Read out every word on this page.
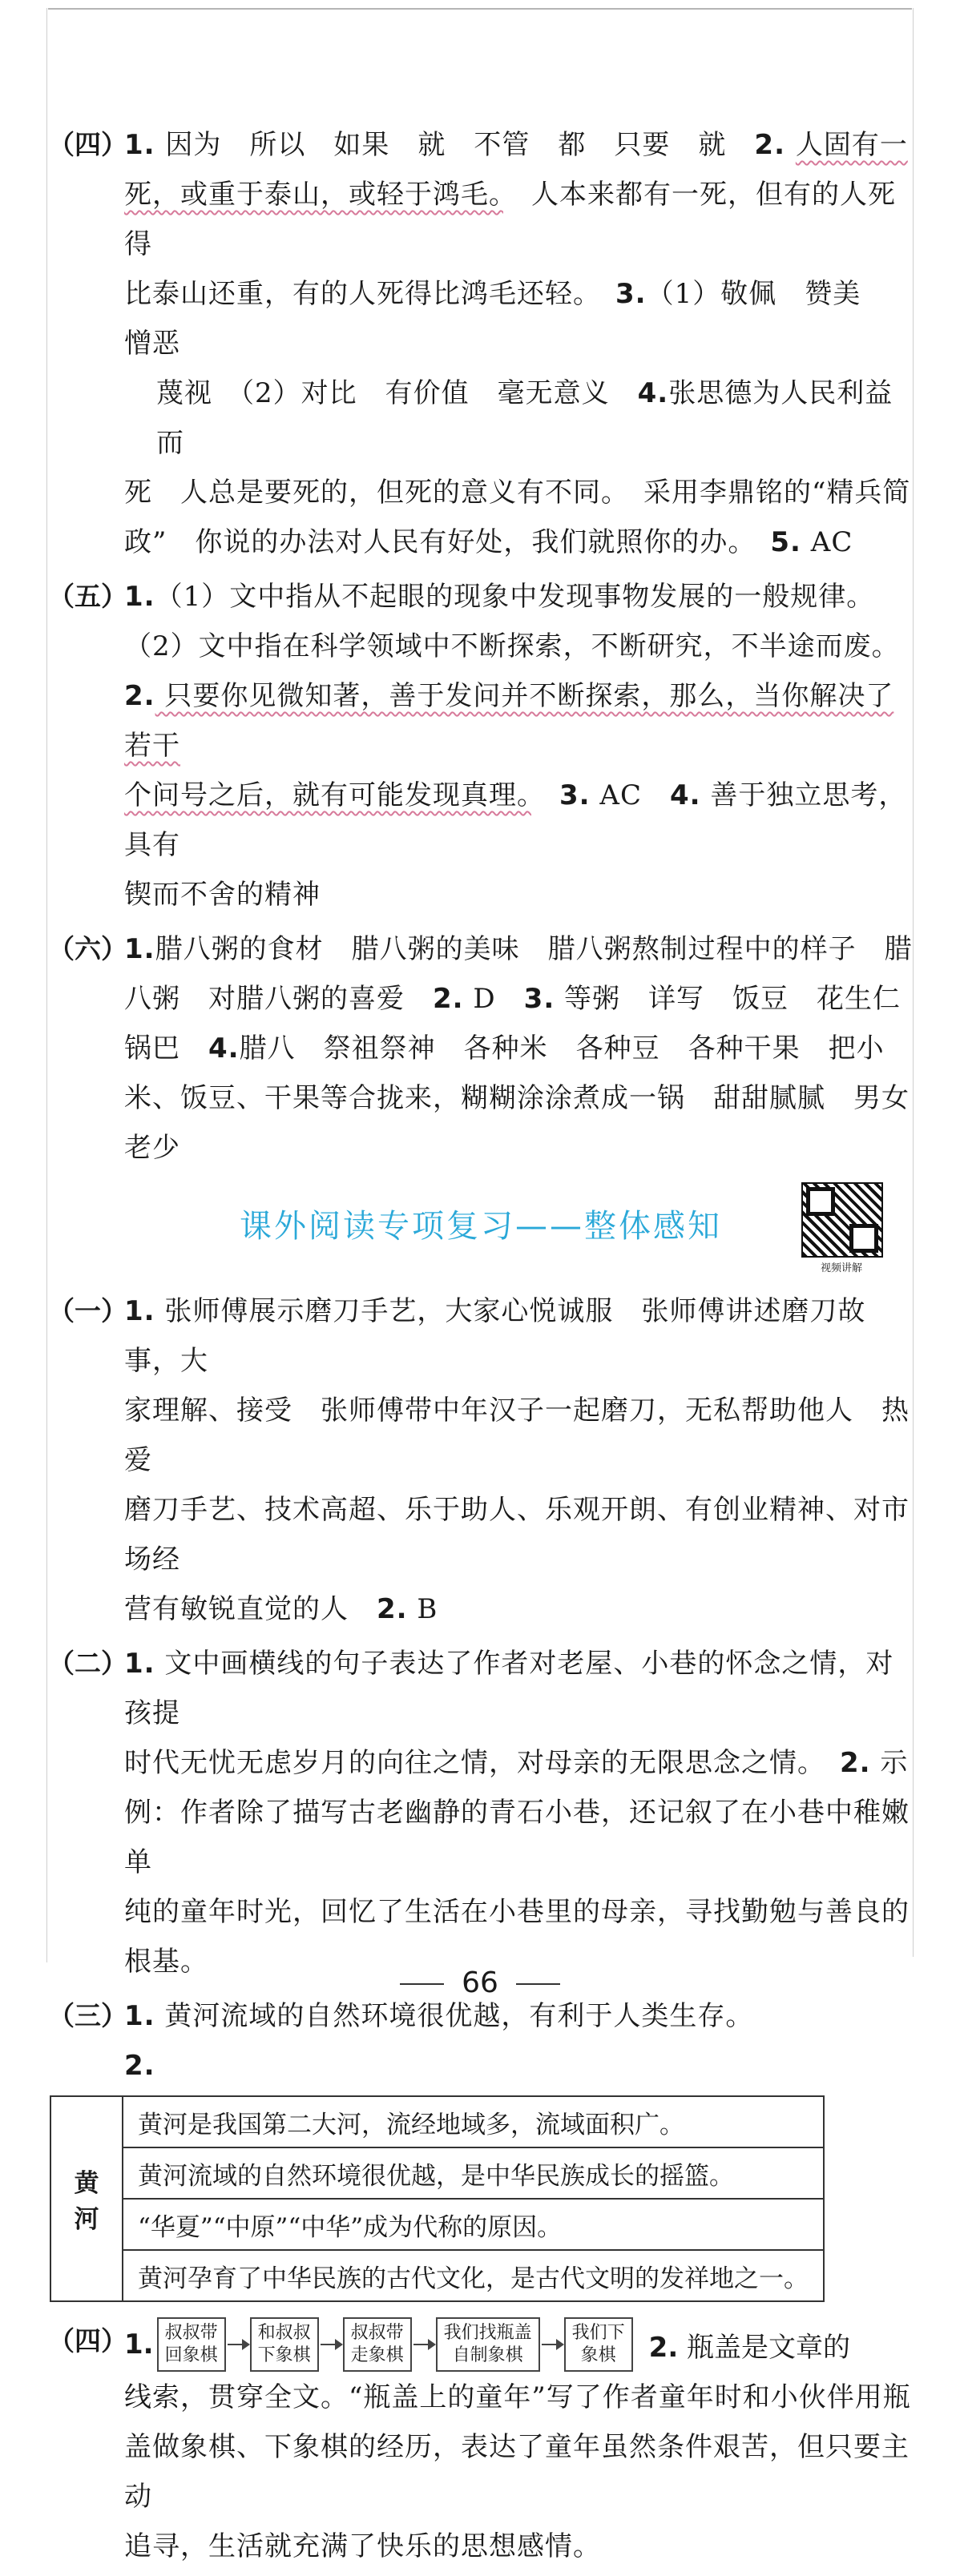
（四）

1. 因为　所以　如果　就　不管　都　只要　就　2. 人固有一

死，或重于泰山，或轻于鸿毛。　人本来都有一死，但有的人死得

比泰山还重，有的人死得比鸿毛还轻。　3.（1）敬佩　赞美　憎恶

蔑视　（2）对比　有价值　毫无意义　4.张思德为人民利益而

死　人总是要死的，但死的意义有不同。　采用李鼎铭的“精兵简

政”　你说的办法对人民有好处，我们就照你的办。　5. AC

（五）

1.（1）文中指从不起眼的现象中发现事物发展的一般规律。

（2）文中指在科学领域中不断探索，不断研究，不半途而废。

2. 只要你见微知著，善于发问并不断探索，那么，当你解决了若干

个问号之后，就有可能发现真理。　3. AC　4. 善于独立思考，具有

锲而不舍的精神

（六）

1.腊八粥的食材　腊八粥的美味　腊八粥熬制过程中的样子　腊

八粥　对腊八粥的喜爱　2. D　3. 等粥　详写　饭豆　花生仁

锅巴　4.腊八　祭祖祭神　各种米　各种豆　各种干果　把小

米、饭豆、干果等合拢来，糊糊涂涂煮成一锅　甜甜腻腻　男女

老少

课外阅读专项复习——整体感知
视频讲解
（一）

1. 张师傅展示磨刀手艺，大家心悦诚服　张师傅讲述磨刀故事，大

家理解、接受　张师傅带中年汉子一起磨刀，无私帮助他人　热爱

磨刀手艺、技术高超、乐于助人、乐观开朗、有创业精神、对市场经

营有敏锐直觉的人　2. B

（二）

1. 文中画横线的句子表达了作者对老屋、小巷的怀念之情，对孩提

时代无忧无虑岁月的向往之情，对母亲的无限思念之情。　2. 示

例：作者除了描写古老幽静的青石小巷，还记叙了在小巷中稚嫩单

纯的童年时光，回忆了生活在小巷里的母亲，寻找勤勉与善良的

根基。

（三）

1. 黄河流域的自然环境很优越，有利于人类生存。

2.

黄河	黄河是我国第二大河，流经地域多，流域面积广。
黄河流域的自然环境很优越，是中华民族成长的摇篮。
“华夏”“中原”“中华”成为代称的原因。
黄河孕育了中华民族的古代文化，是古代文明的发祥地之一。
（四）
1. 叔叔带
回象棋
和叔叔
下象棋
叔叔带
走象棋
我们找瓶盖
自制象棋
我们下
象棋	2. 瓶盖是文章的

线索，贯穿全文。“瓶盖上的童年”写了作者童年时和小伙伴用瓶

盖做象棋、下象棋的经历，表达了童年虽然条件艰苦，但只要主动

追寻，生活就充满了快乐的思想感情。

66
